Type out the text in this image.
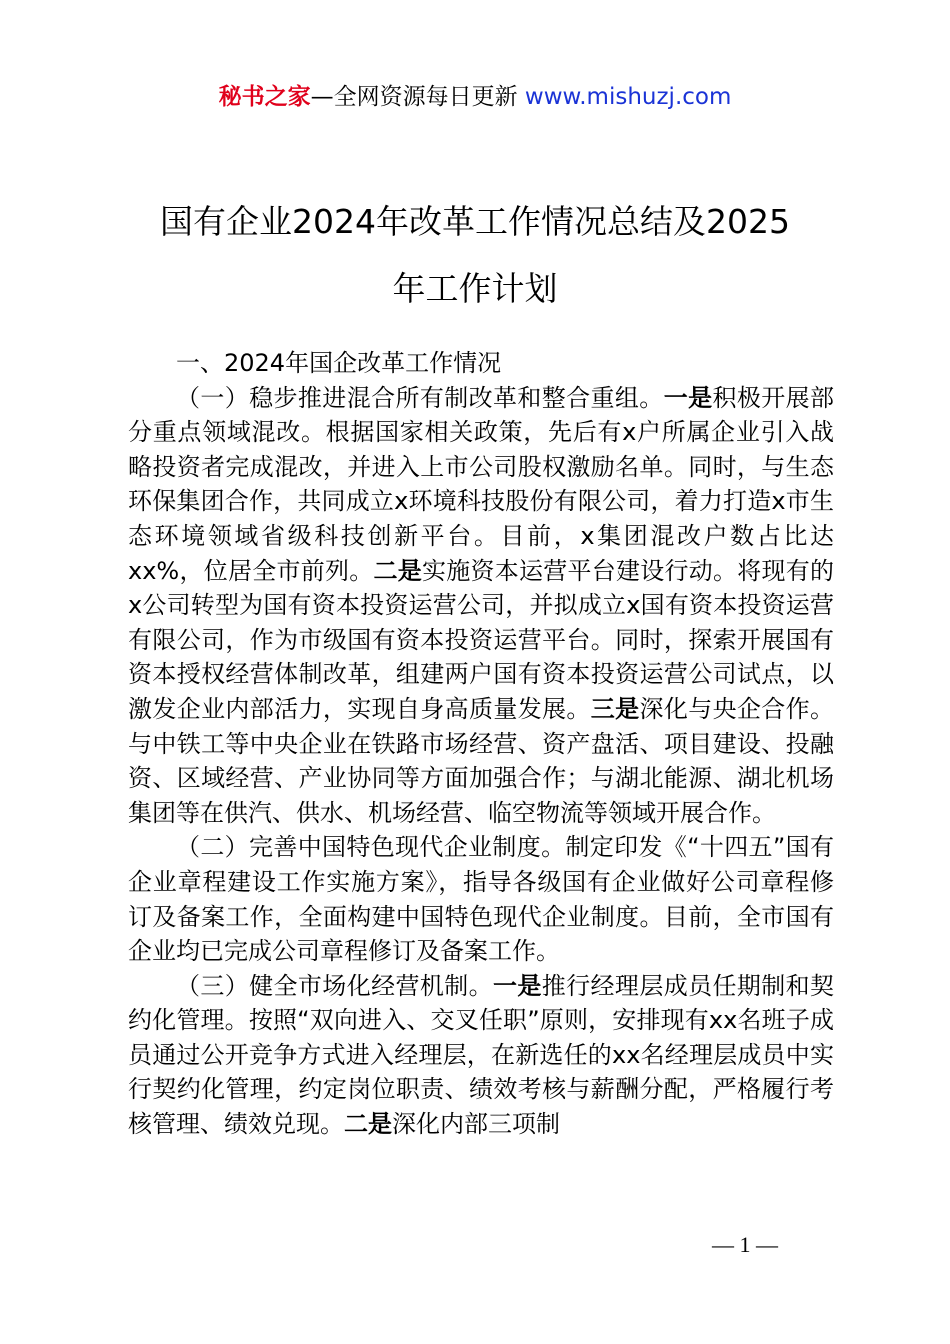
秘书之家—全网资源每日更新 www.mishuzj.com
国有企业2024年改革工作情况总结及2025
年工作计划

一、2024年国企改革工作情况

（一）稳步推进混合所有制改革和整合重组。一是积极开展部分重点领域混改。根据国家相关政策，先后有x户所属企业引入战略投资者完成混改，并进入上市公司股权激励名单。同时，与生态环保集团合作，共同成立x环境科技股份有限公司，着力打造x市生态环境领域省级科技创新平台。目前，x集团混改户数占比达xx%，位居全市前列。二是实施资本运营平台建设行动。将现有的x公司转型为国有资本投资运营公司，并拟成立x国有资本投资运营有限公司，作为市级国有资本投资运营平台。同时，探索开展国有资本授权经营体制改革，组建两户国有资本投资运营公司试点，以激发企业内部活力，实现自身高质量发展。三是深化与央企合作。与中铁工等中央企业在铁路市场经营、资产盘活、项目建设、投融资、区域经营、产业协同等方面加强合作；与湖北能源、湖北机场集团等在供汽、供水、机场经营、临空物流等领域开展合作。

（二）完善中国特色现代企业制度。制定印发《“十四五”国有企业章程建设工作实施方案》，指导各级国有企业做好公司章程修订及备案工作，全面构建中国特色现代企业制度。目前，全市国有企业均已完成公司章程修订及备案工作。

（三）健全市场化经营机制。一是推行经理层成员任期制和契约化管理。按照“双向进入、交叉任职”原则，安排现有xx名班子成员通过公开竞争方式进入经理层，在新选任的xx名经理层成员中实行契约化管理，约定岗位职责、绩效考核与薪酬分配，严格履行考核管理、绩效兑现。二是深化内部三项制

— 1 —
